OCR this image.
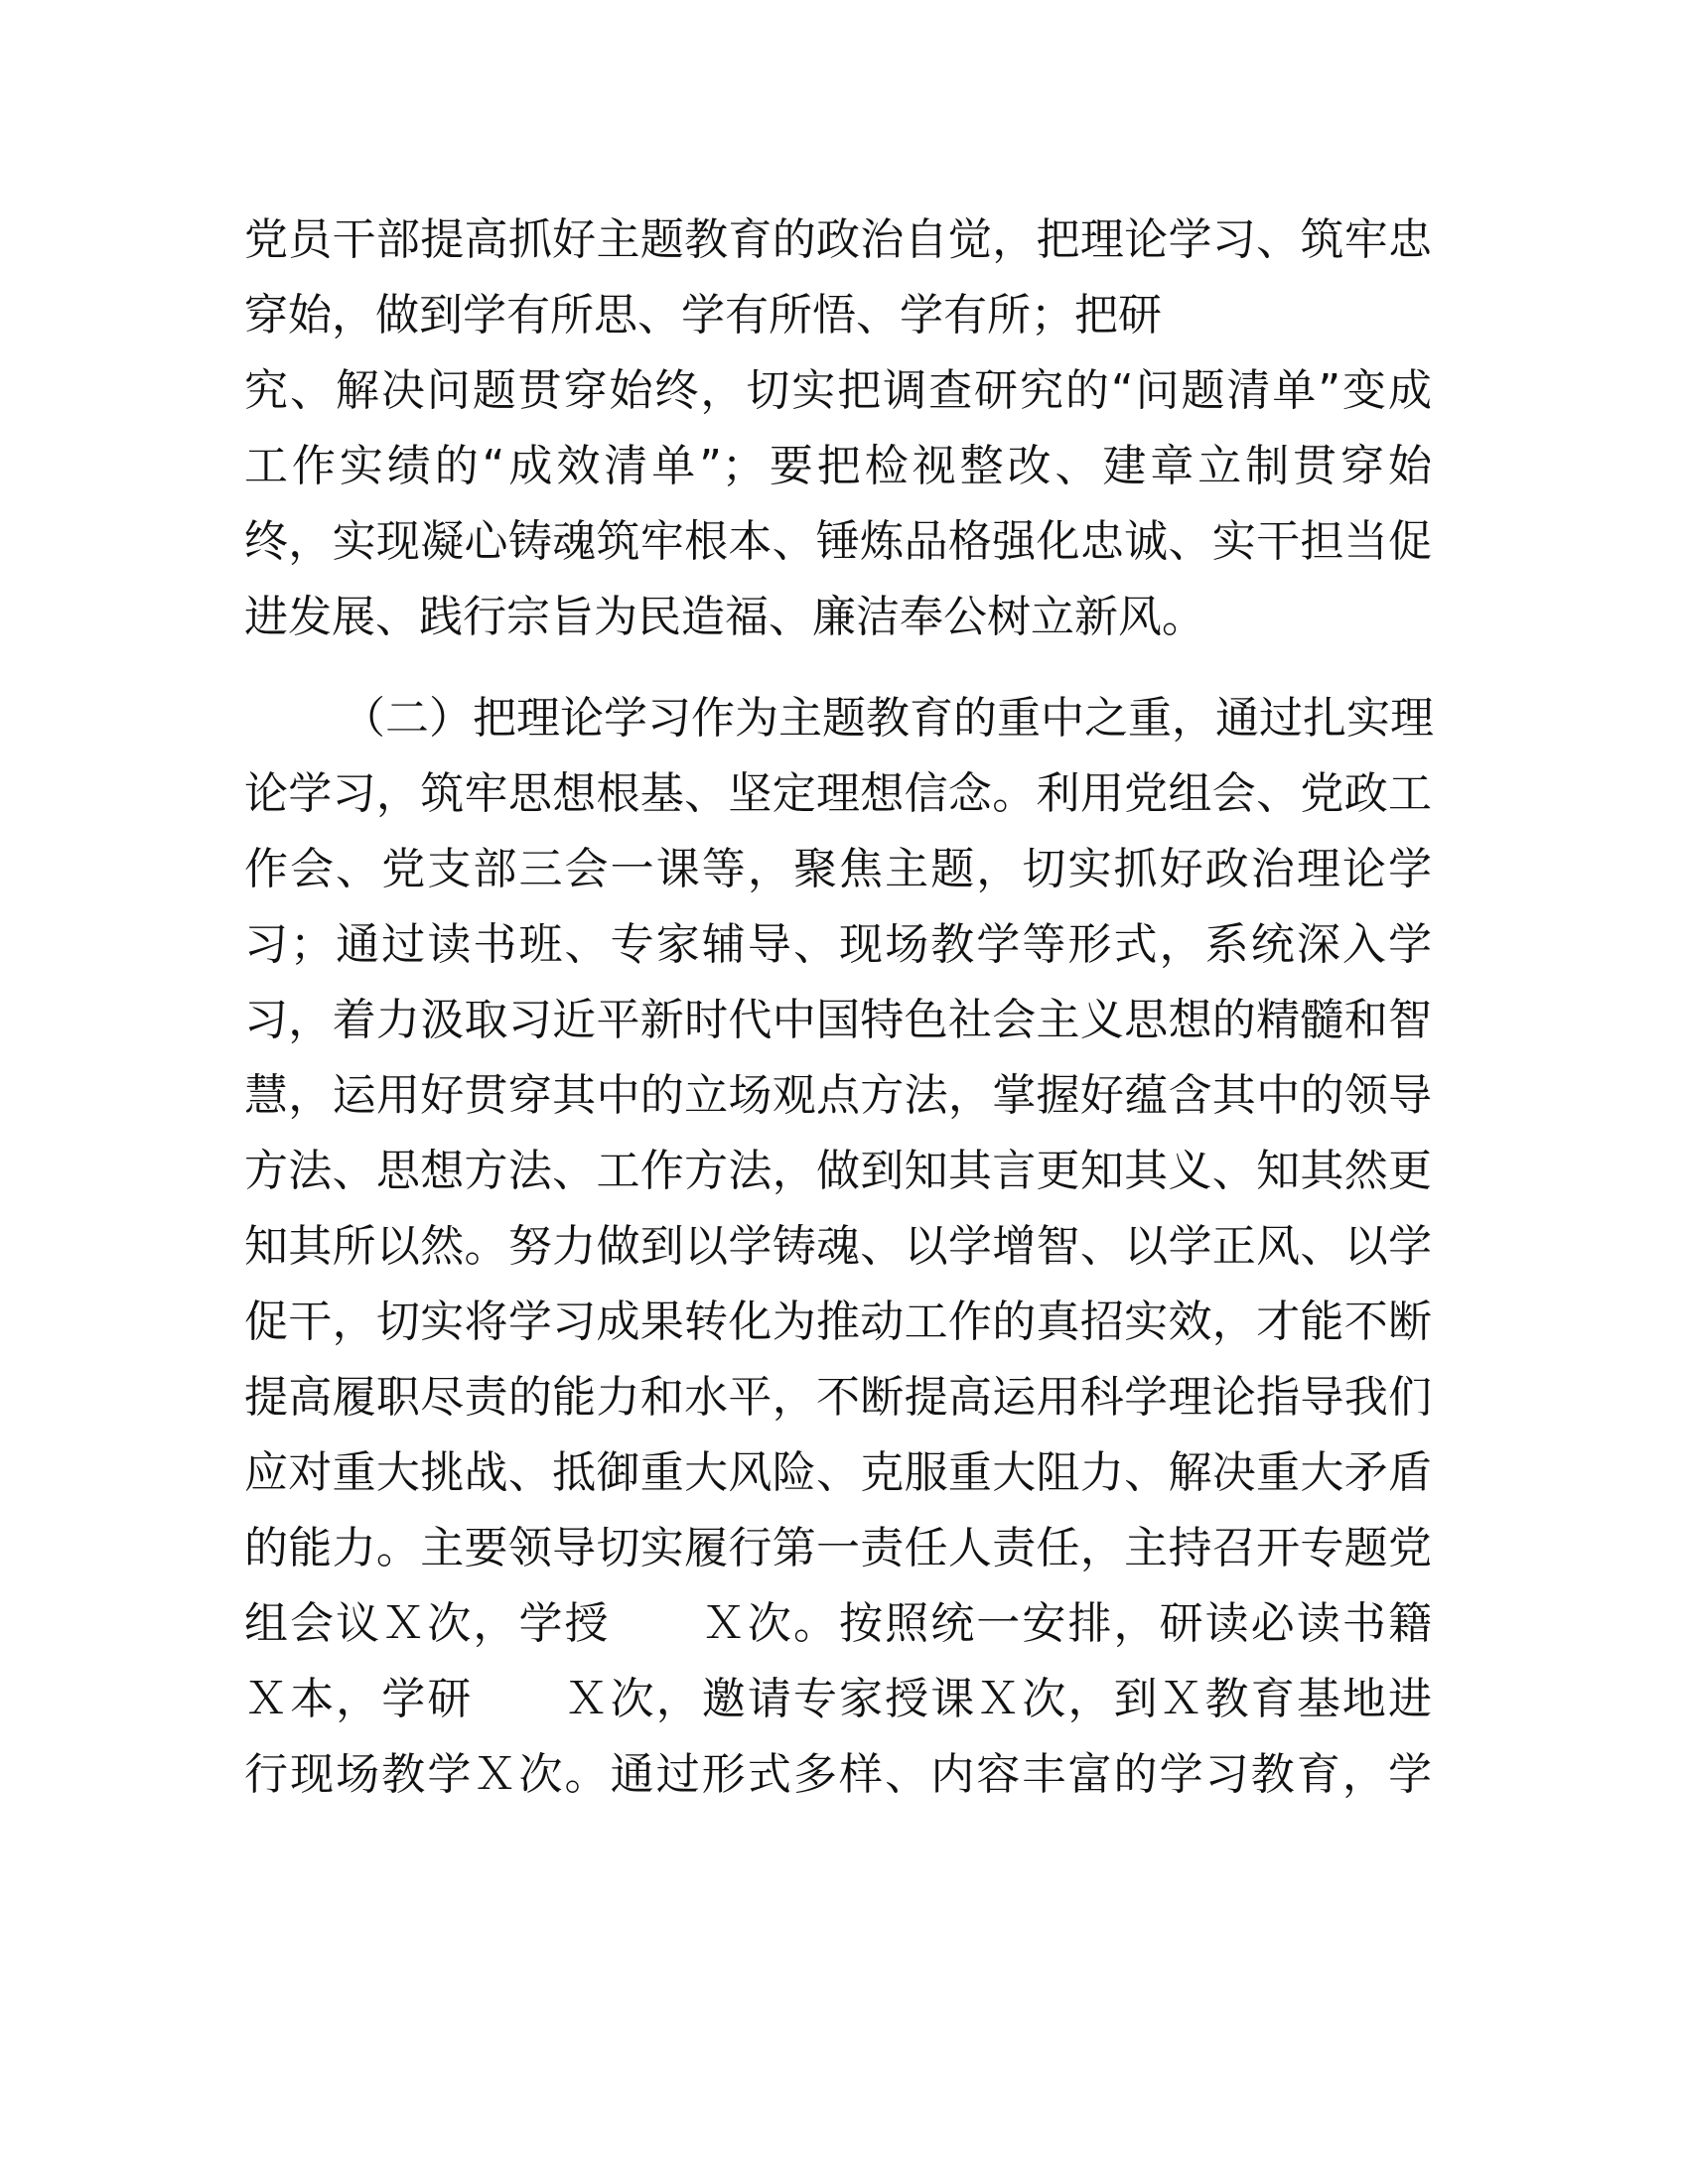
党员干部提高抓好主题教育的政治自觉，把理论学习、筑牢忠
穿始，做到学有所思、学有所悟、学有所；把研
究、解决问题贯穿始终，切实把调查研究的“问题清单”变成
工作实绩的“成效清单”；要把检视整改、建章立制贯穿始
终，实现凝心铸魂筑牢根本、锤炼品格强化忠诚、实干担当促
进发展、践行宗旨为民造福、廉洁奉公树立新风。
（二）把理论学习作为主题教育的重中之重，通过扎实理
论学习，筑牢思想根基、坚定理想信念。利用党组会、党政工
作会、党支部三会一课等，聚焦主题，切实抓好政治理论学
习；通过读书班、专家辅导、现场教学等形式，系统深入学
习，着力汲取习近平新时代中国特色社会主义思想的精髓和智
慧，运用好贯穿其中的立场观点方法，掌握好蕴含其中的领导
方法、思想方法、工作方法，做到知其言更知其义、知其然更
知其所以然。努力做到以学铸魂、以学增智、以学正风、以学
促干，切实将学习成果转化为推动工作的真招实效，才能不断
提高履职尽责的能力和水平，不断提高运用科学理论指导我们
应对重大挑战、抵御重大风险、克服重大阻力、解决重大矛盾
的能力。主要领导切实履行第一责任人责任，主持召开专题党
组会议Ｘ次，学授　　Ｘ次。按照统一安排，研读必读书籍
Ｘ本，学研　　Ｘ次，邀请专家授课Ｘ次，到Ｘ教育基地进
行现场教学Ｘ次。通过形式多样、内容丰富的学习教育，学
